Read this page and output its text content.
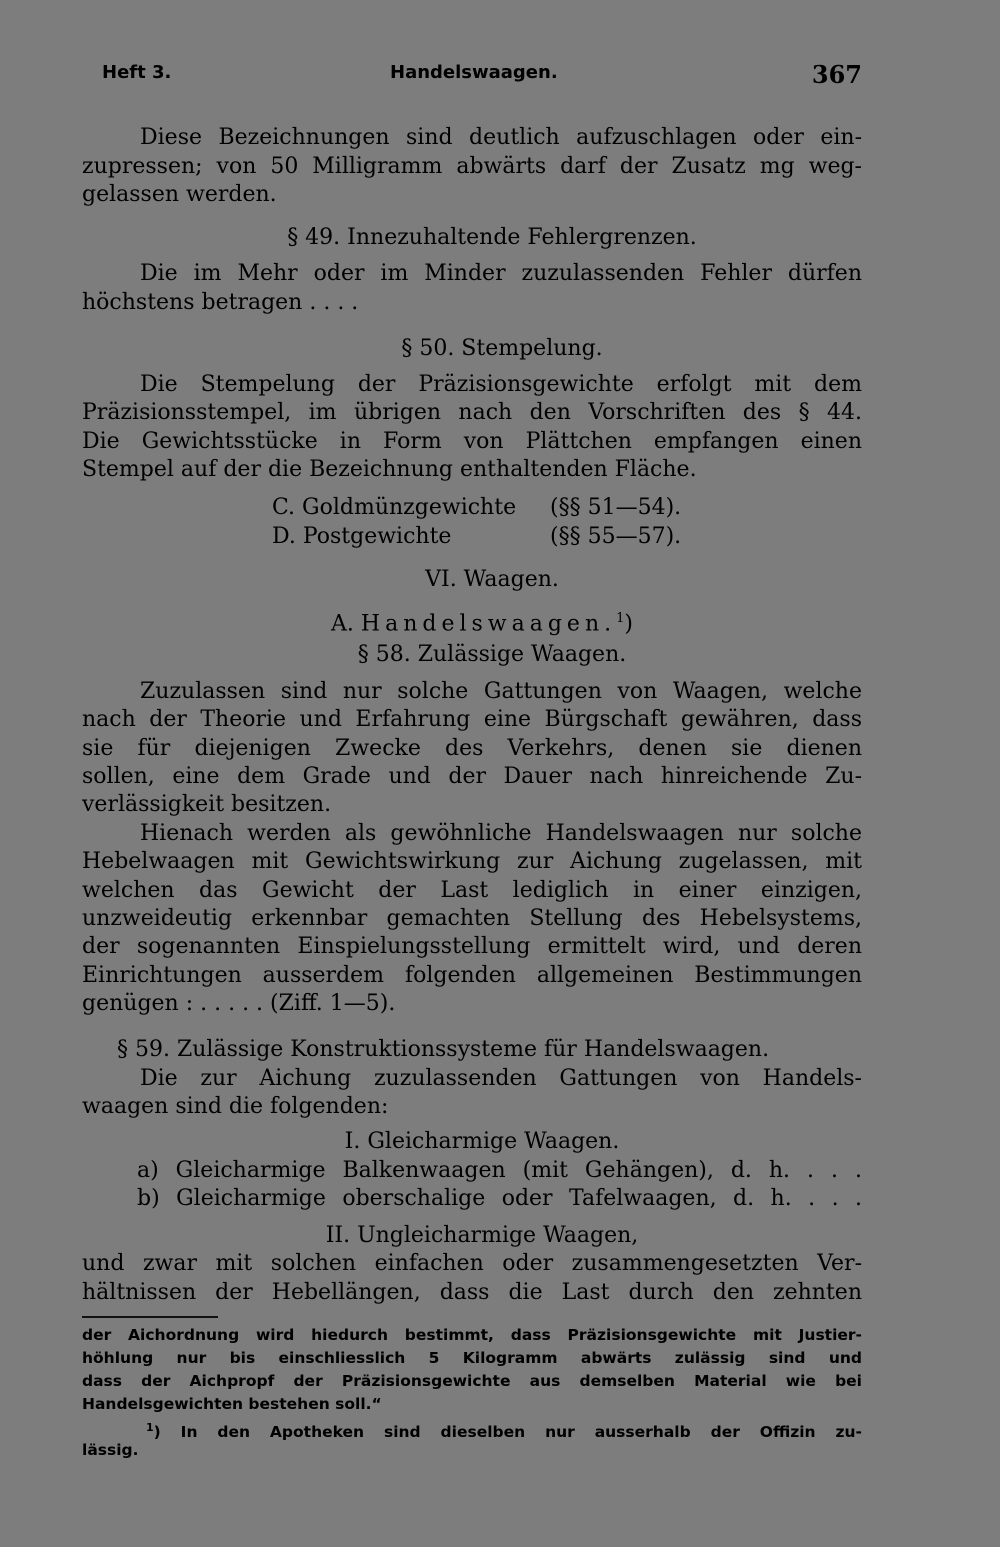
Heft 3.	Handelswaagen.	367
Diese Bezeichnungen sind deutlich aufzuschlagen oder ein-
zupressen; von 50 Milligramm abwärts darf der Zusatz mg weg-
gelassen werden.
§ 49. Innezuhaltende Fehlergrenzen.
Die im Mehr oder im Minder zuzulassenden Fehler dürfen
höchstens betragen . . . .
§ 50. Stempelung.
Die Stempelung der Präzisionsgewichte erfolgt mit dem
Präzisionsstempel, im übrigen nach den Vorschriften des § 44.
Die Gewichtsstücke in Form von Plättchen empfangen einen
Stempel auf der die Bezeichnung enthaltenden Fläche.
C. Goldmünzgewichte (§§ 51—54).
D. Postgewichte	(§§ 55—57).
VI. Waagen.
A. Handelswaagen.$^1$)
§ 58. Zulässige Waagen.
Zuzulassen sind nur solche Gattungen von Waagen, welche
nach der Theorie und Erfahrung eine Bürgschaft gewähren, dass
sie für diejenigen Zwecke des Verkehrs, denen sie dienen
sollen, eine dem Grade und der Dauer nach hinreichende Zu-
verlässigkeit besitzen.
Hienach werden als gewöhnliche Handelswaagen nur solche
Hebelwaagen mit Gewichtswirkung zur Aichung zugelassen, mit
welchen das Gewicht der Last lediglich in einer einzigen,
unzweideutig erkennbar gemachten Stellung des Hebelsystems,
der sogenannten Einspielungsstellung ermittelt wird, und deren
Einrichtungen ausserdem folgenden allgemeinen Bestimmungen
genügen : . . . . . (Ziff. 1—5).
§ 59. Zulässige Konstruktionssysteme für Handelswaagen.
Die zur Aichung zuzulassenden Gattungen von Handels-
waagen sind die folgenden:
I. Gleicharmige Waagen.
a) Gleicharmige Balkenwaagen (mit Gehängen), d. h. . . .
b) Gleicharmige oberschalige oder Tafelwaagen, d. h. . . .
II. Ungleicharmige Waagen,
und zwar mit solchen einfachen oder zusammengesetzten Ver-
hältnissen der Hebellängen, dass die Last durch den zehnten
der Aichordnung wird hiedurch bestimmt, dass Präzisionsgewichte mit Justier-
höhlung nur bis einschliesslich 5 Kilogramm abwärts zulässig sind und
dass der Aichpropf der Präzisionsgewichte aus demselben Material wie bei
Handelsgewichten bestehen soll.“
$^1$) In den Apotheken sind dieselben nur ausserhalb der Offizin zu-
lässig.
